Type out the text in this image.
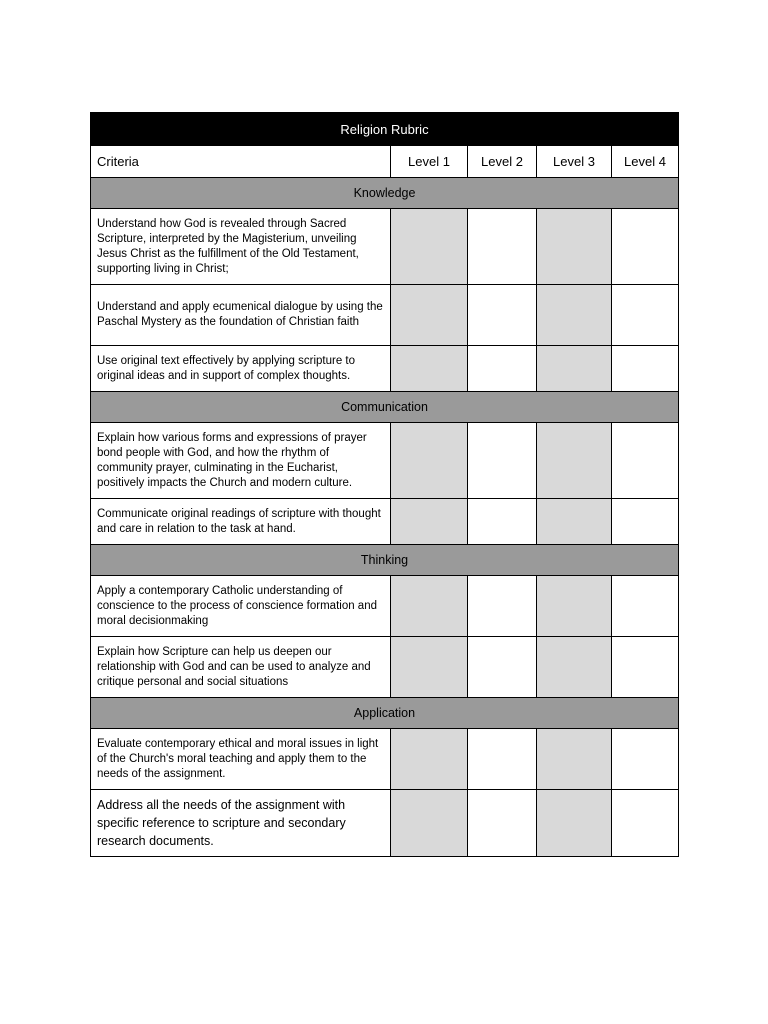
Religion Rubric				
Criteria	Level 1	Level 2	Level 3	Level 4
Knowledge				
Understand how God is revealed through Sacred Scripture, interpreted by the Magisterium, unveiling Jesus Christ as the fulfillment of the Old Testament, supporting living in Christ;				
Understand and apply ecumenical dialogue by using the Paschal Mystery as the foundation of Christian faith				
Use original text effectively by applying scripture to original ideas and in support of complex thoughts.				
Communication				
Explain how various forms and expressions of prayer bond people with God, and how the rhythm of community prayer, culminating in the Eucharist, positively impacts the Church and modern culture.				
Communicate original readings of scripture with thought and care in relation to the task at hand.				
Thinking				
Apply a contemporary Catholic understanding of conscience to the process of conscience formation and moral decisionmaking				
Explain how Scripture can help us deepen our relationship with God and can be used to analyze and critique personal and social situations				
Application				
Evaluate contemporary ethical and moral issues in light of the Church's moral teaching and apply them to the needs of the assignment.				
Address all the needs of the assignment with specific reference to scripture and secondary research documents.				
